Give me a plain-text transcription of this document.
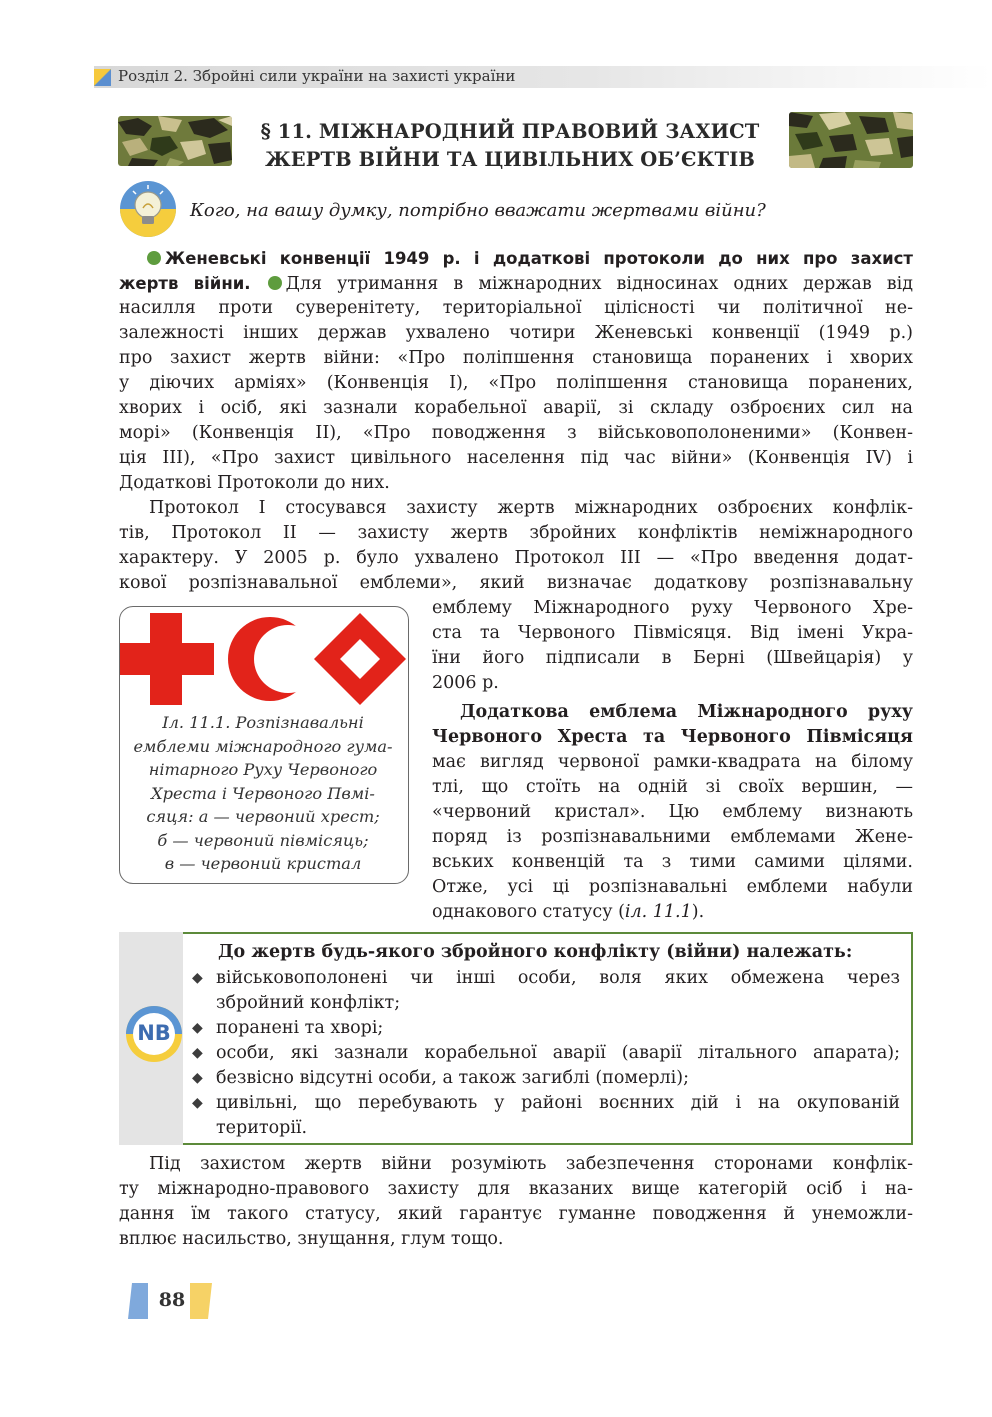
Розділ 2. Збройні сили україни на захисті україни
§ 11. МІЖНАРОДНИЙ ПРАВОВИЙ ЗАХИСТ
ЖЕРТВ ВІЙНИ ТА ЦИВІЛЬНИХ ОБ’ЄКТІВ
Кого, на вашу думку, потрібно вважати жертвами війни?
Женевські конвенції 1949 р. і додаткові протоколи до них про захист
жертв війни. Для утримання в міжнародних відносинах одних держав від
насилля проти суверенітету, територіальної цілісності чи політичної не-
залежності інших держав ухвалено чотири Женевські конвенції (1949 р.)
про захист жертв війни: «Про поліпшення становища поранених і хворих
у діючих арміях» (Конвенція І), «Про поліпшення становища поранених,
хворих і осіб, які зазнали корабельної аварії, зі складу озброєних сил на
морі» (Конвенція ІІ), «Про поводження з військовополоненими» (Конвен-
ція ІІІ), «Про захист цивільного населення під час війни» (Конвенція IV) і
Додаткові Протоколи до них.
Протокол І стосувався захисту жертв міжнародних озброєних конфлік-
тів, Протокол ІІ — захисту жертв збройних конфліктів неміжнародного
характеру. У 2005 р. було ухвалено Протокол ІІІ — «Про введення додат-
кової розпізнавальної емблеми», який визначає додаткову розпізнавальну
емблему Міжнародного руху Червоного Хре-
ста та Червоного Півмісяця. Від імені Укра-
їни його підписали в Берні (Швейцарія) у
2006 р.
Додаткова емблема Міжнародного руху
Червоного Хреста та Червоного Півмісяця
має вигляд червоної рамки-квадрата на білому
тлі, що стоїть на одній зі своїх вершин, —
«червоний кристал». Цю емблему визнають
поряд із розпізнавальними емблемами Жене-
вських конвенцій та з тими самими цілями.
Отже, усі ці розпізнавальні емблеми набули
однакового статусу (іл. 11.1).
Іл. 11.1. Розпізнавальні
емблеми міжнародного гума-
нітарного Руху Червоного
Хреста і Червоного Пвмі-
сяця: а — червоний хрест;
б — червоний півмісяць;
в — червоний кристал
NB
До жертв будь-якого збройного конфлікту (війни) належать:
◆ військовополонені чи інші особи, воля яких обмежена через
збройний конфлікт;
◆ поранені та хворі;
◆ особи, які зазнали корабельної аварії (аварії літального апарата);
◆ безвісно відсутні особи, а також загиблі (померлі);
◆ цивільні, що перебувають у районі воєнних дій і на окупованій
території.
Під захистом жертв війни розуміють забезпечення сторонами конфлік-
ту міжнародно-правового захисту для вказаних вище категорій осіб і на-
дання їм такого статусу, який гарантує гуманне поводження й унеможли-
вплює насильство, знущання, глум тощо.
88
